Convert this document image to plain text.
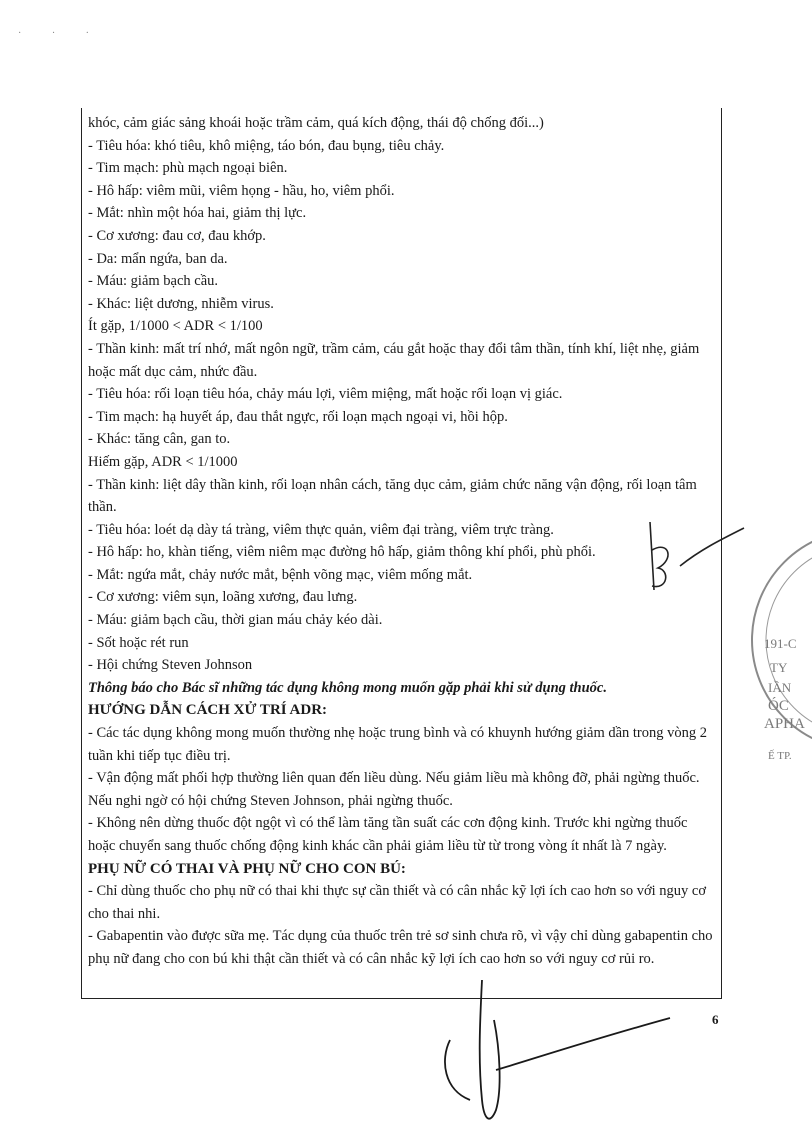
· · ·

khóc, cảm giác sảng khoái hoặc trầm cảm, quá kích động, thái độ chống đối...)

- Tiêu hóa: khó tiêu, khô miệng, táo bón, đau bụng, tiêu chảy.

- Tim mạch: phù mạch ngoại biên.

- Hô hấp: viêm mũi, viêm họng - hầu, ho, viêm phổi.

- Mắt: nhìn một hóa hai, giảm thị lực.

- Cơ xương: đau cơ, đau khớp.

- Da: mẩn ngứa, ban da.

- Máu: giảm bạch cầu.

- Khác: liệt dương, nhiễm virus.

Ít gặp, 1/1000 < ADR < 1/100

- Thần kinh: mất trí nhớ, mất ngôn ngữ, trầm cảm, cáu gắt hoặc thay đổi tâm thần, tính khí, liệt nhẹ, giảm hoặc mất dục cảm, nhức đầu.

- Tiêu hóa: rối loạn tiêu hóa, chảy máu lợi, viêm miệng, mất hoặc rối loạn vị giác.

- Tim mạch: hạ huyết áp, đau thắt ngực, rối loạn mạch ngoại vi, hồi hộp.

- Khác: tăng cân, gan to.

Hiếm gặp, ADR < 1/1000

- Thần kinh: liệt dây thần kinh, rối loạn nhân cách, tăng dục cảm, giảm chức năng vận động, rối loạn tâm thần.

- Tiêu hóa: loét dạ dày tá tràng, viêm thực quản, viêm đại tràng, viêm trực tràng.

- Hô hấp: ho, khàn tiếng, viêm niêm mạc đường hô hấp, giảm thông khí phổi, phù phổi.

- Mắt: ngứa mắt, chảy nước mắt, bệnh võng mạc, viêm mống mắt.

- Cơ xương: viêm sụn, loãng xương, đau lưng.

- Máu: giảm bạch cầu, thời gian máu chảy kéo dài.

- Sốt hoặc rét run

- Hội chứng Steven Johnson

Thông báo cho Bác sĩ những tác dụng không mong muốn gặp phải khi sử dụng thuốc.

HƯỚNG DẪN CÁCH XỬ TRÍ ADR:

- Các tác dụng không mong muốn thường nhẹ hoặc trung bình và có khuynh hướng giảm dần trong vòng 2 tuần khi tiếp tục điều trị.

- Vận động mất phối hợp thường liên quan đến liều dùng. Nếu giảm liều mà không đỡ, phải ngừng thuốc. Nếu nghi ngờ có hội chứng Steven Johnson, phải ngừng thuốc.

- Không nên dừng thuốc đột ngột vì có thể làm tăng tần suất các cơn động kinh. Trước khi ngừng thuốc hoặc chuyển sang thuốc chống động kinh khác cần phải giảm liều từ từ trong vòng ít nhất là 7 ngày.

PHỤ NỮ CÓ THAI VÀ PHỤ NỮ CHO CON BÚ:

- Chỉ dùng thuốc cho phụ nữ có thai khi thực sự cần thiết và có cân nhắc kỹ lợi ích cao hơn so với nguy cơ cho thai nhi.

- Gabapentin vào được sữa mẹ. Tác dụng của thuốc trên trẻ sơ sinh chưa rõ, vì vậy chỉ dùng gabapentin cho phụ nữ đang cho con bú khi thật cần thiết và có cân nhắc kỹ lợi ích cao hơn so với nguy cơ rủi ro.

6
191-C
TY
IẦN
ÓC
APHA
Ế TP.
